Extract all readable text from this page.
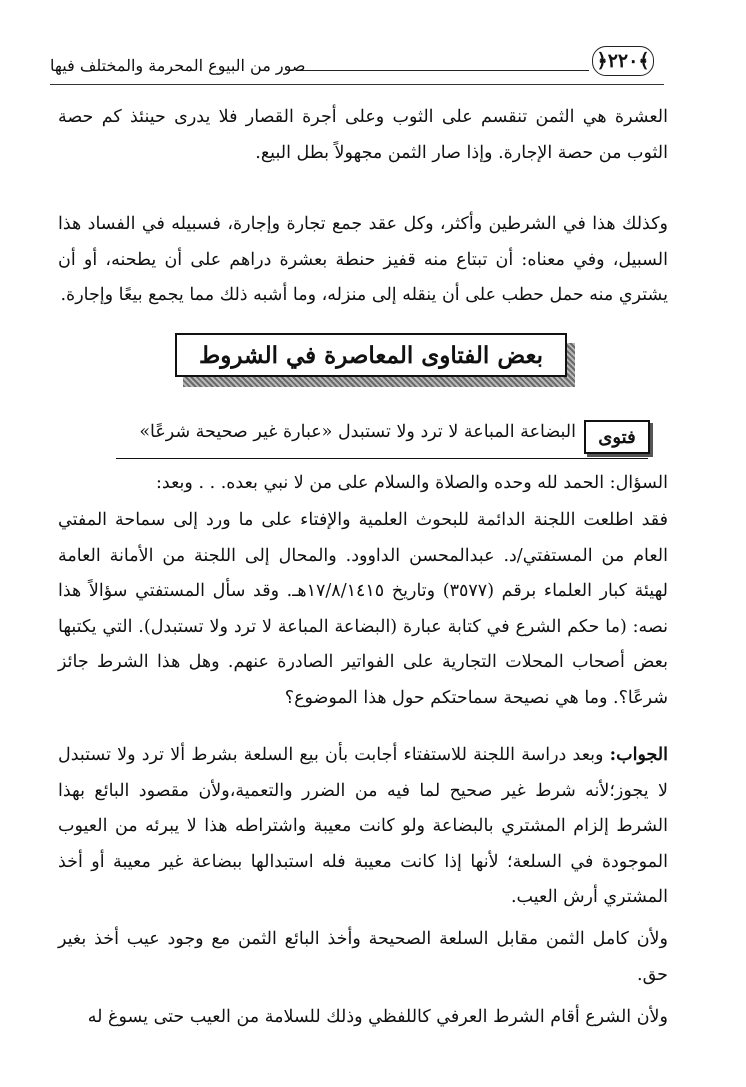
﴿٢٢٠﴾
صور من البيوع المحرمة والمختلف فيها
العشرة هي الثمن تنقسم على الثوب وعلى أجرة القصار فلا يدرى حينئذ كم حصة الثوب من حصة الإجارة. وإذا صار الثمن مجهولاً بطل البيع.
وكذلك هذا في الشرطين وأكثر، وكل عقد جمع تجارة وإجارة، فسبيله في الفساد هذا السبيل، وفي معناه: أن تبتاع منه قفيز حنطة بعشرة دراهم على أن يطحنه، أو أن يشتري منه حمل حطب على أن ينقله إلى منزله، وما أشبه ذلك مما يجمع بيعًا وإجارة.
بعض الفتاوى المعاصرة في الشروط
فتوى
البضاعة المباعة لا ترد ولا تستبدل «عبارة غير صحيحة شرعًا»
السؤال: الحمد لله وحده والصلاة والسلام على من لا نبي بعده. . . وبعد:
فقد اطلعت اللجنة الدائمة للبحوث العلمية والإفتاء على ما ورد إلى سماحة المفتي العام من المستفتي/د. عبدالمحسن الداوود. والمحال إلى اللجنة من الأمانة العامة لهيئة كبار العلماء برقم (٣٥٧٧) وتاريخ ١٧/٨/١٤١٥هـ. وقد سأل المستفتي سؤالاً هذا نصه: (ما حكم الشرع في كتابة عبارة (البضاعة المباعة لا ترد ولا تستبدل). التي يكتبها بعض أصحاب المحلات التجارية على الفواتير الصادرة عنهم. وهل هذا الشرط جائز شرعًا؟. وما هي نصيحة سماحتكم حول هذا الموضوع؟
الجواب: وبعد دراسة اللجنة للاستفتاء أجابت بأن بيع السلعة بشرط ألا ترد ولا تستبدل لا يجوز؛لأنه شرط غير صحيح لما فيه من الضرر والتعمية،ولأن مقصود البائع بهذا الشرط إلزام المشتري بالبضاعة ولو كانت معيبة واشتراطه هذا لا يبرئه من العيوب الموجودة في السلعة؛ لأنها إذا كانت معيبة فله استبدالها ببضاعة غير معيبة أو أخذ المشتري أرش العيب.
ولأن كامل الثمن مقابل السلعة الصحيحة وأخذ البائع الثمن مع وجود عيب أخذ بغير حق.
ولأن الشرع أقام الشرط العرفي كاللفظي وذلك للسلامة من العيب حتى يسوغ له
